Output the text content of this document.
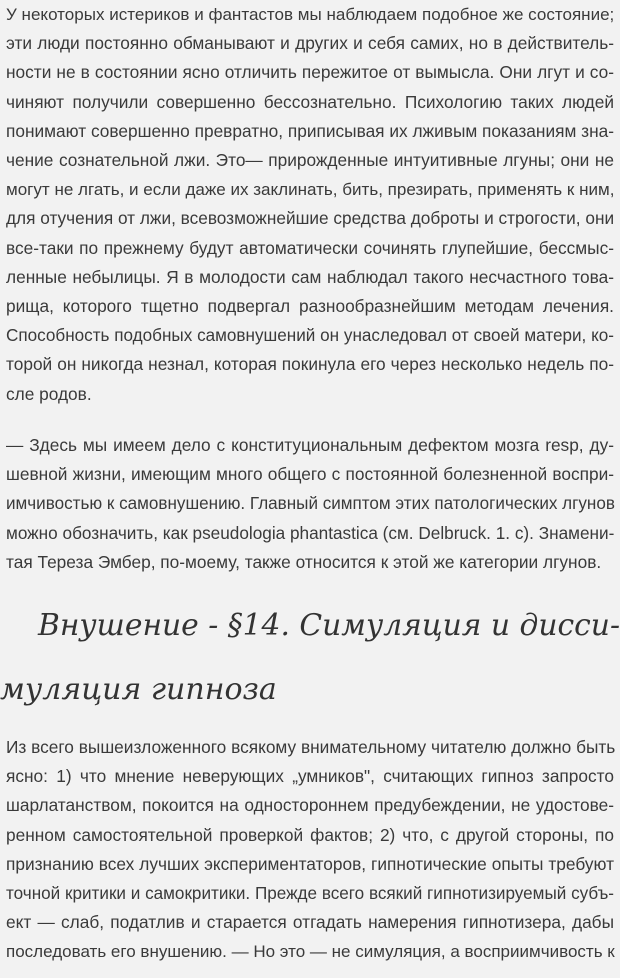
У некоторых истериков и фантастов мы наблюдаем подобное же состояние;
эти люди постоянно обманывают и других и себя самих, но в действитель-
ности не в состоянии ясно отличить пережитое от вымысла. Они лгут и со-
чиняют получили совершенно бессознательно. Психологию таких людей
понимают совершенно превратно, приписывая их лживым показаниям зна-
чение сознательной лжи. Это— прирожденные интуитивные лгуны; они не
могут не лгать, и если даже их заклинать, бить, презирать, применять к ним,
для отучения от лжи, всевозможнейшие средства доброты и строгости, они
все-таки по прежнему будут автоматически сочинять глупейшие, бессмыс-
ленные небылицы. Я в молодости сам наблюдал такого несчастного това-
рища, которого тщетно подвергал разнообразнейшим методам лечения.
Способность подобных самовнушений он унаследовал от своей матери, ко-
торой он никогда незнал, которая покинула его через несколько недель по-
сле родов.

— Здесь мы имеем дело с конституциональным дефектом мозга resp, ду-
шевной жизни, имеющим много общего с постоянной болезненной воспри-
имчивостью к самовнушению. Главный симптом этих патологических лгунов
можно обозначить, как pseudologia phantastica (см. Delbruck. 1. с). Знамени-
тая Тереза Эмбер, по-моему, также относится к этой же категории лгунов.

Внушение - §14. Симуляция и дисси-
муляция гипноза

Из всего вышеизложенного всякому внимательному читателю должно быть
ясно: 1) что мнение неверующих „умников", считающих гипноз запросто
шарлатанством, покоится на одностороннем предубеждении, не удостове-
ренном самостоятельной проверкой фактов; 2) что, с другой стороны, по
признанию всех лучших экспериментаторов, гипнотические опыты требуют
точной критики и самокритики. Прежде всего всякий гипнотизируемый субъ-
ект — слаб, податлив и старается отгадать намерения гипнотизера, дабы
последовать его внушению. — Но это — не симуляция, а восприимчивость к
